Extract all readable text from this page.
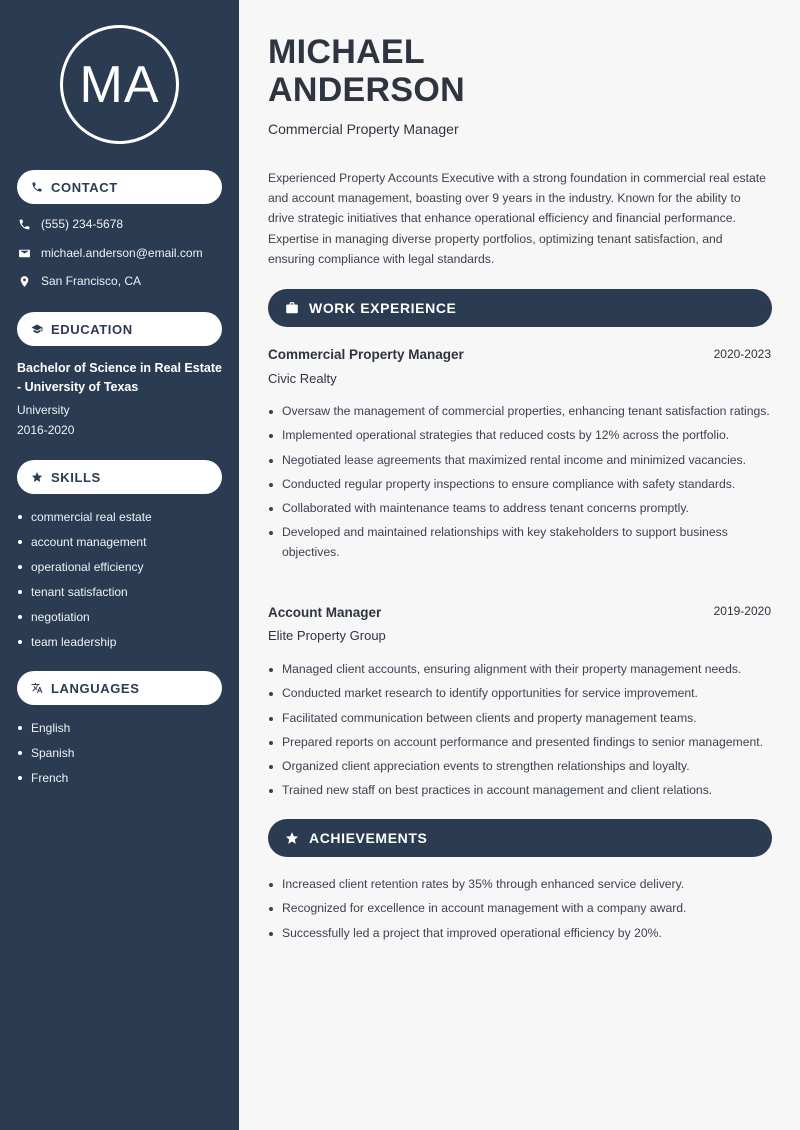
MA
CONTACT
(555) 234-5678
michael.anderson@email.com
San Francisco, CA
EDUCATION
Bachelor of Science in Real Estate - University of Texas
University
2016-2020
SKILLS
commercial real estate
account management
operational efficiency
tenant satisfaction
negotiation
team leadership
LANGUAGES
English
Spanish
French
MICHAEL
ANDERSON
Commercial Property Manager

Experienced Property Accounts Executive with a strong foundation in commercial real estate and account management, boasting over 9 years in the industry. Known for the ability to drive strategic initiatives that enhance operational efficiency and financial performance. Expertise in managing diverse property portfolios, optimizing tenant satisfaction, and ensuring compliance with legal standards.

WORK EXPERIENCE
Commercial Property Manager	2020-2023
Civic Realty
Oversaw the management of commercial properties, enhancing tenant satisfaction ratings.
Implemented operational strategies that reduced costs by 12% across the portfolio.
Negotiated lease agreements that maximized rental income and minimized vacancies.
Conducted regular property inspections to ensure compliance with safety standards.
Collaborated with maintenance teams to address tenant concerns promptly.
Developed and maintained relationships with key stakeholders to support business objectives.
Account Manager	2019-2020
Elite Property Group
Managed client accounts, ensuring alignment with their property management needs.
Conducted market research to identify opportunities for service improvement.
Facilitated communication between clients and property management teams.
Prepared reports on account performance and presented findings to senior management.
Organized client appreciation events to strengthen relationships and loyalty.
Trained new staff on best practices in account management and client relations.
ACHIEVEMENTS
Increased client retention rates by 35% through enhanced service delivery.
Recognized for excellence in account management with a company award.
Successfully led a project that improved operational efficiency by 20%.
